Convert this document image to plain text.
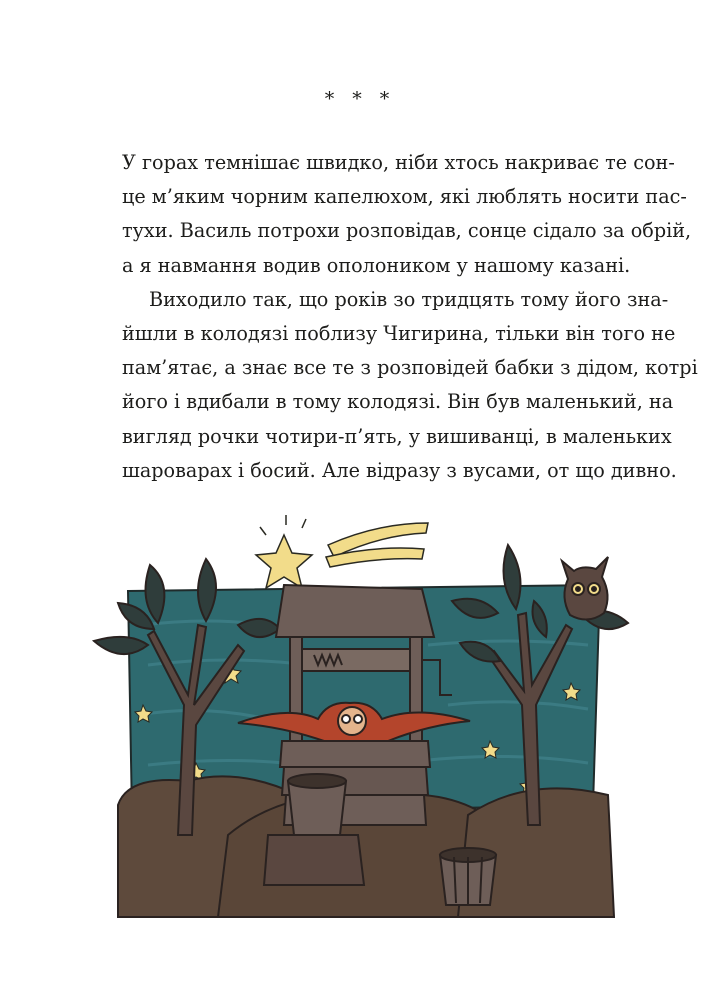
* * *
У горах темнішає швидко, ніби хтось накриває те сон-
це м’яким чорним капелюхом, які люблять носити пас-
тухи. Василь потрохи розповідав, сонце сідало за обрій,
а я навмання водив ополоником у нашому казані.
Виходило так, що років зо тридцять тому його зна-
йшли в колодязі поблизу Чигирина, тільки він того не
пам’ятає, а знає все те з розповідей бабки з дідом, котрі
його і вдибали в тому колодязі. Він був маленький, на
вигляд рочки чотири-п’ять, у вишиванці, в маленьких
шароварах і босий. Але відразу з вусами, от що дивно.
